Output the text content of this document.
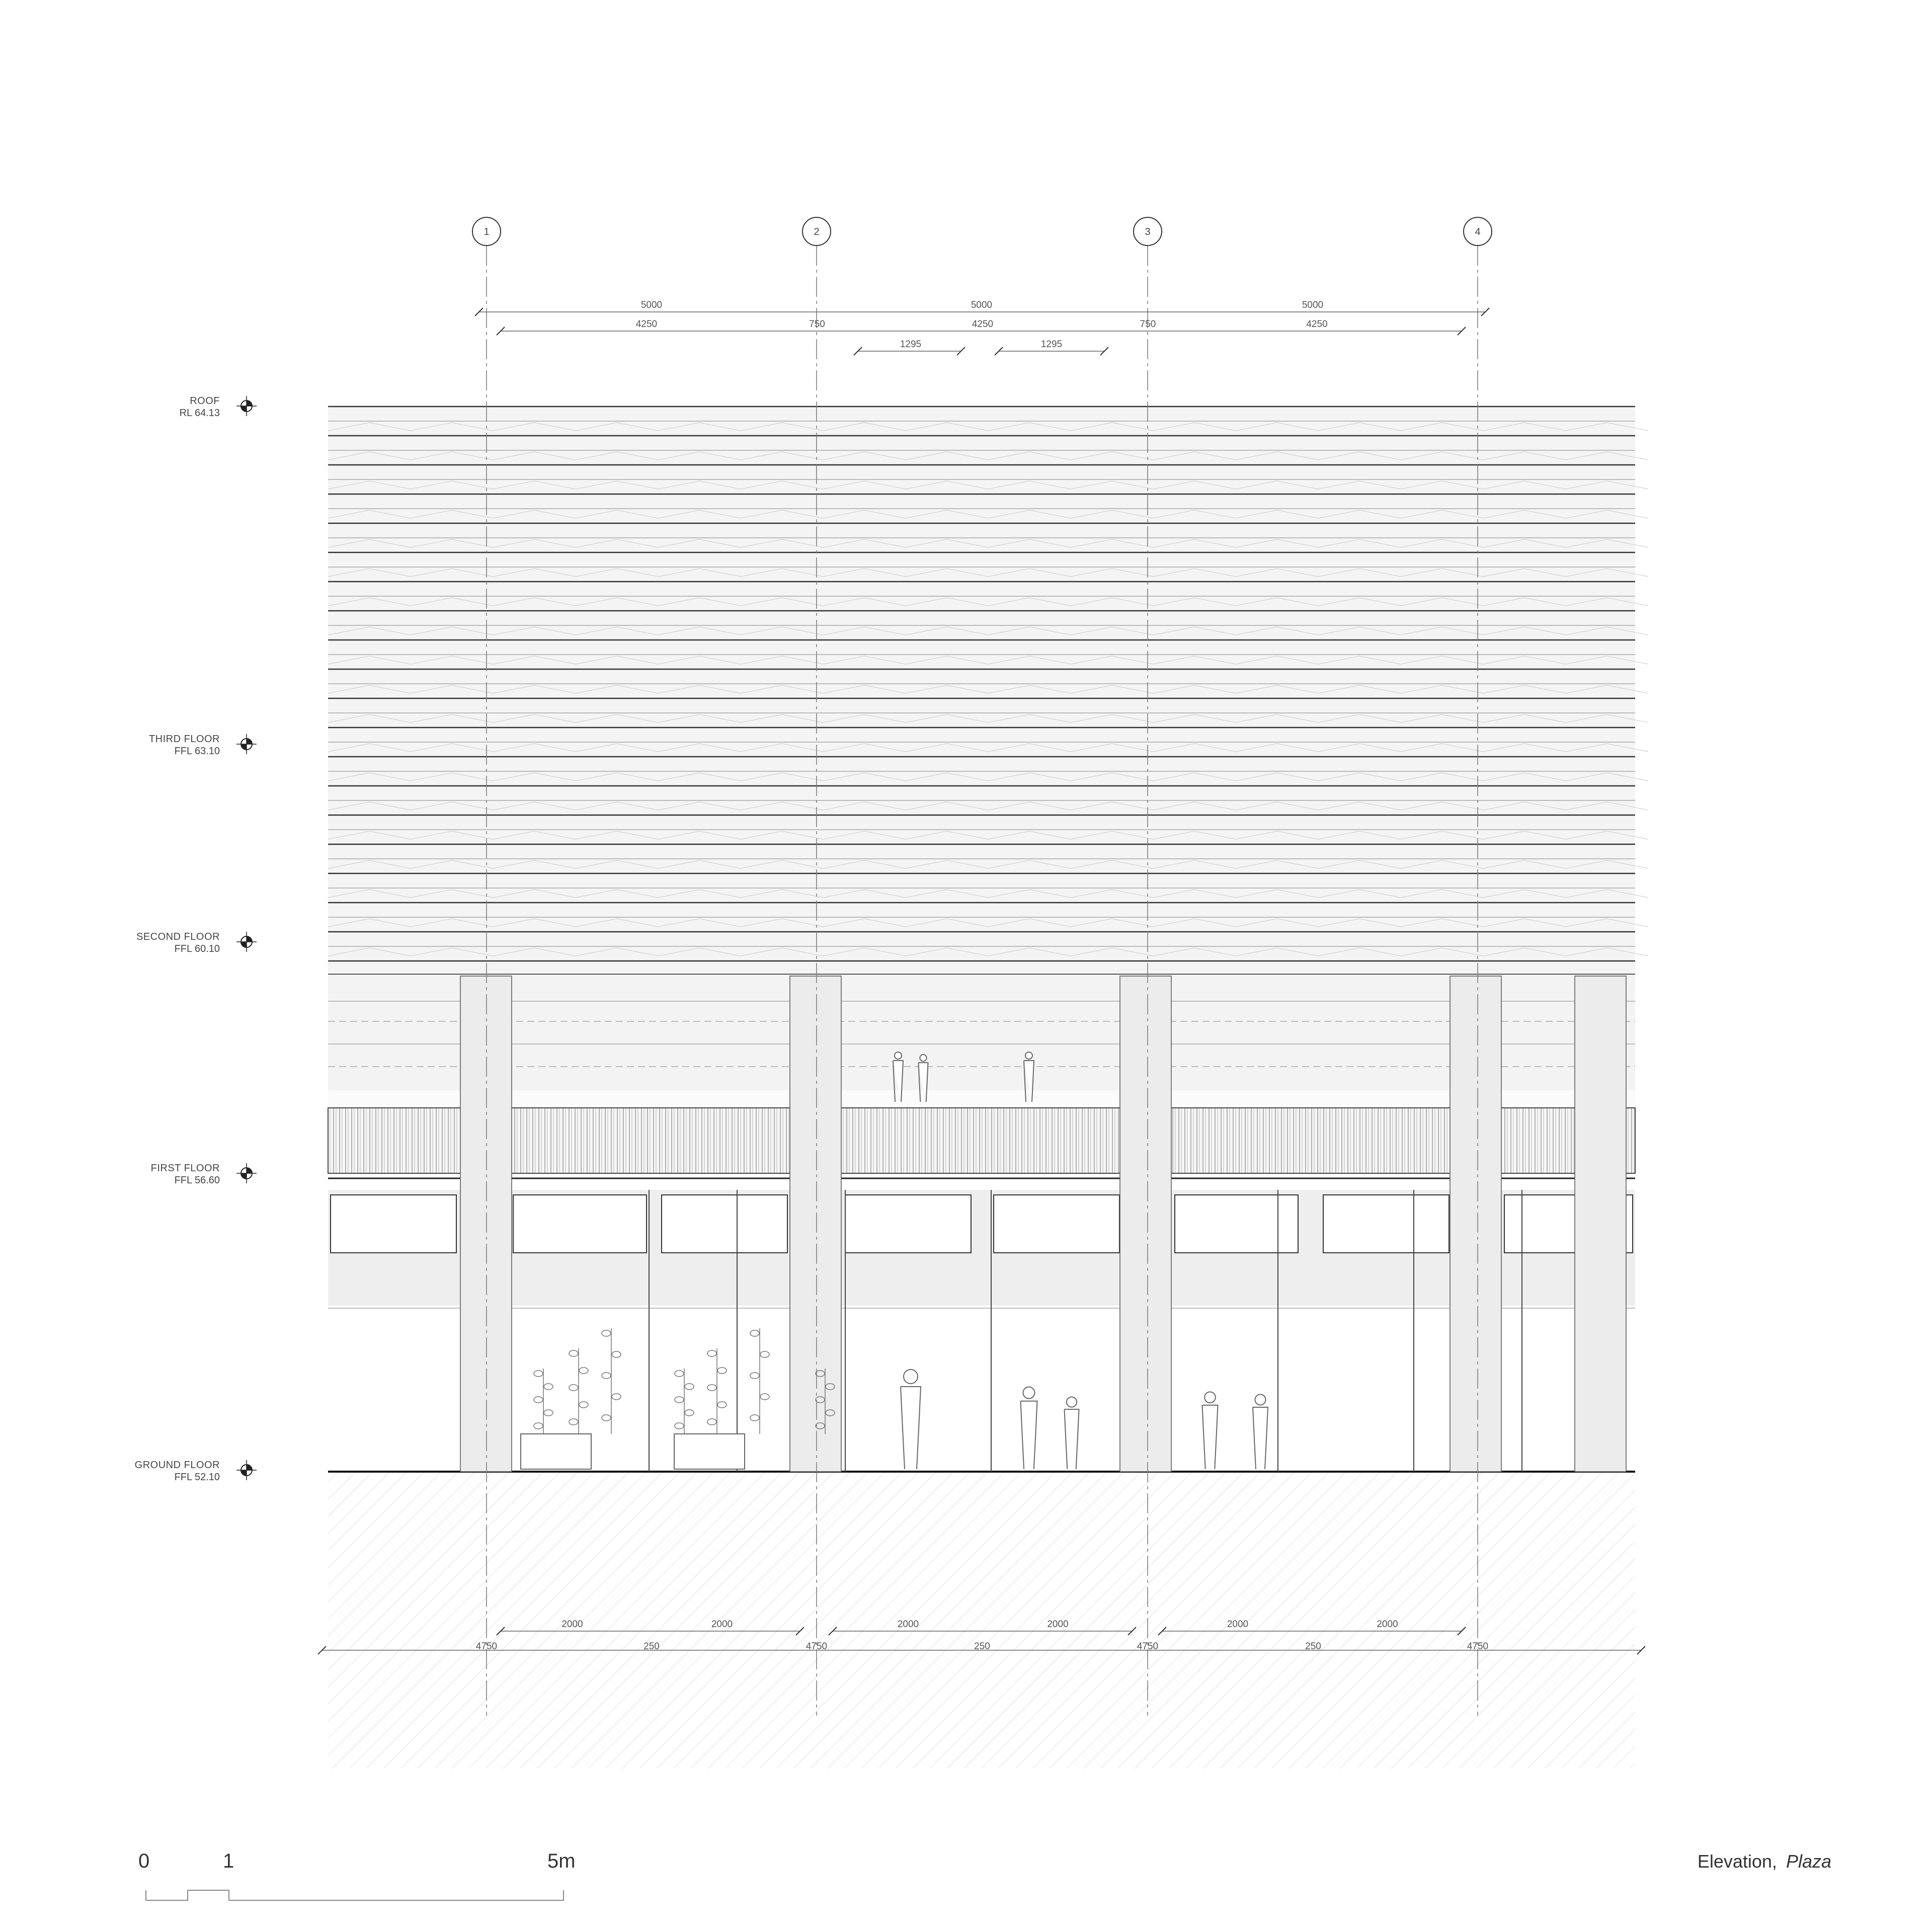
1	2	3	4
5000	5000	5000
4250	750	4250	750	4250
1295	1295
2000	2000	2000	2000	2000	2000
4750	250	4750	250	4750	250	4750
ROOF
RL 64.13
THIRD FLOOR
FFL 63.10
SECOND FLOOR
FFL 60.10
FIRST FLOOR
FFL 56.60
GROUND FLOOR
FFL 52.10
0	1	5m	Elevation, Plaza
